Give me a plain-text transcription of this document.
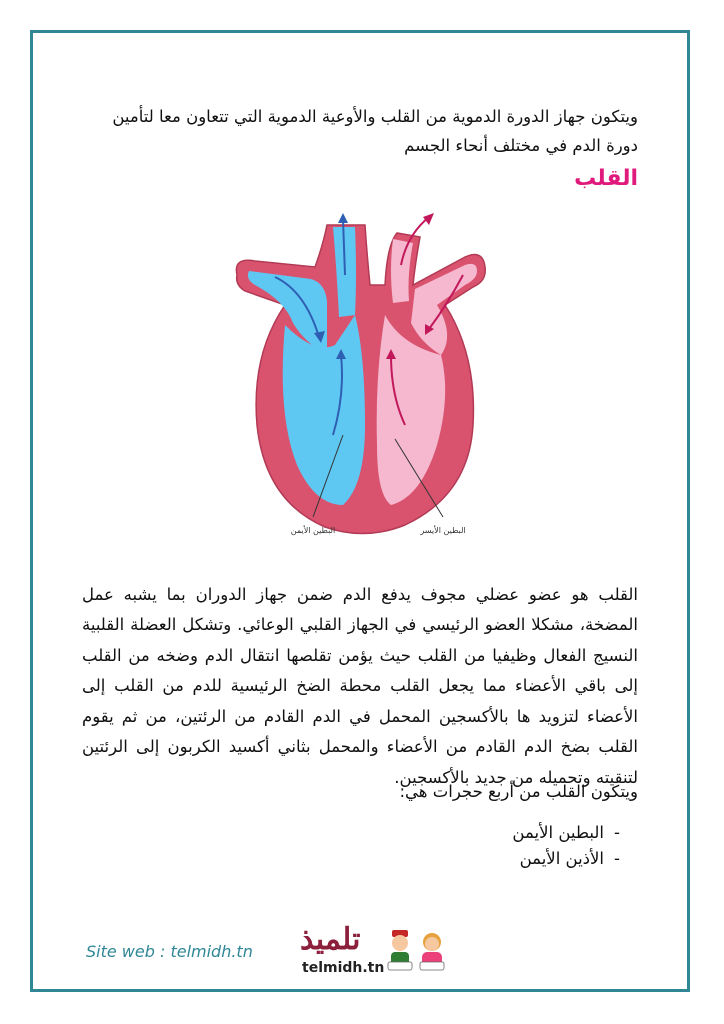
ويتكون جهاز الدورة الدموية من القلب والأوعية الدموية التي تتعاون معا لتأمين دورة الدم في مختلف أنحاء الجسم

القلب
البطين الأيمن	البطين الأيسر

القلب هو عضو عضلي مجوف يدفع الدم ضمن جهاز الدوران بما يشبه عمل المضخة، مشكلا العضو الرئيسي في الجهاز القلبي الوعائي. وتشكل العضلة القلبية النسيج الفعال وظيفيا من القلب حيث يؤمن تقلصها انتقال الدم وضخه من القلب إلى باقي الأعضاء مما يجعل القلب محطة الضخ الرئيسية للدم من القلب إلى الأعضاء لتزويد ها بالأكسجين المحمل في الدم القادم من الرئتين، من ثم يقوم القلب بضخ الدم القادم من الأعضاء والمحمل بثاني أكسيد الكربون إلى الرئتين لتنقيته وتحميله من جديد بالأكسجين.

ويتكون القلب من أربع حجرات هي:

-
البطين الأيمن
-
الأذين الأيمن
Site web : telmidh.tn تلميذ
telmidh.tn
